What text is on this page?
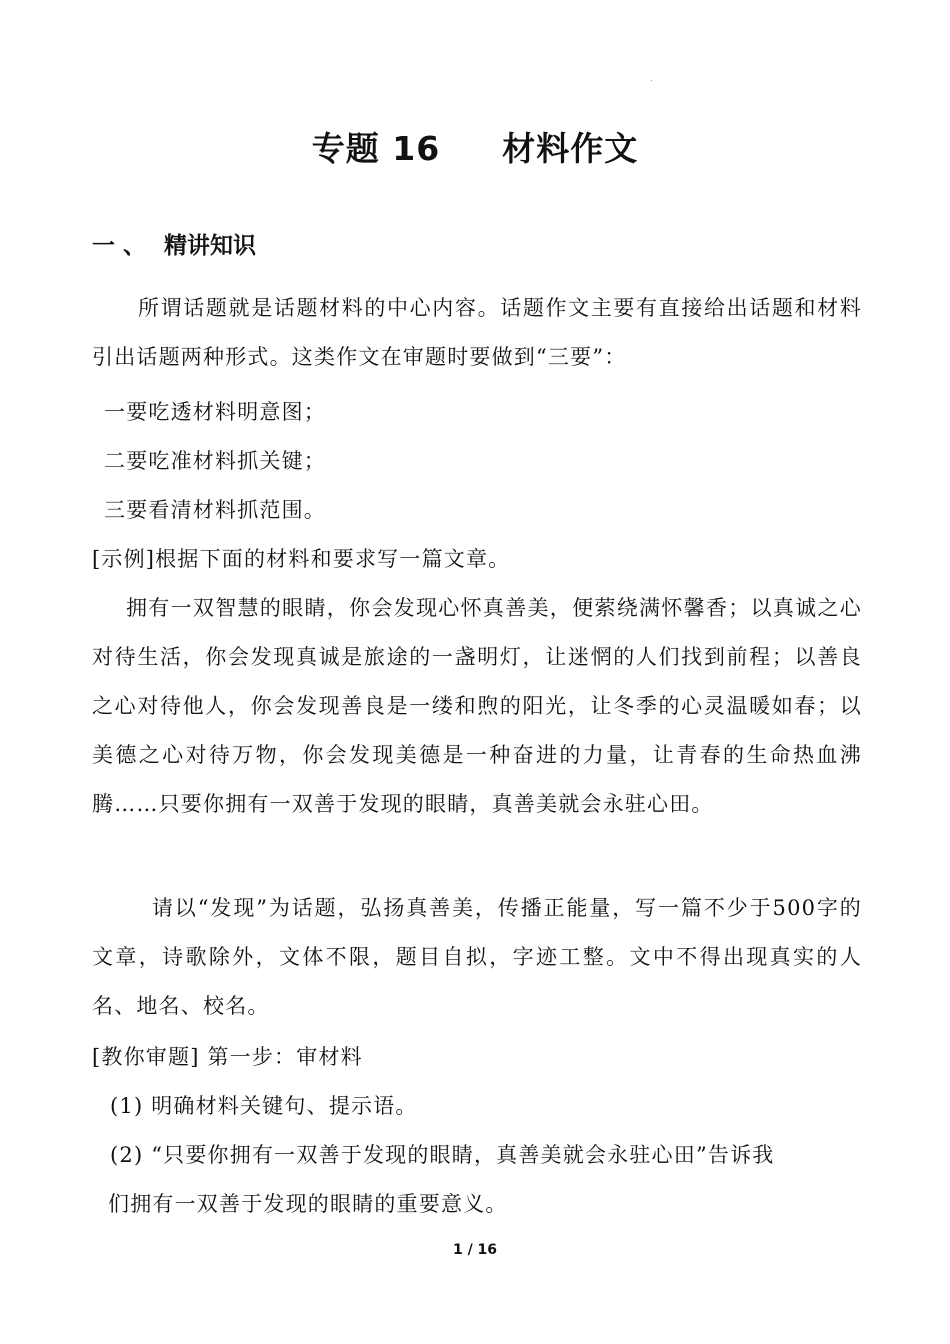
专题 16 材料作文
一 、 精讲知识
所谓话题就是话题材料的中心内容。话题作文主要有直接给出话题和材料引出话题两种形式。这类作文在审题时要做到“三要”：
一要吃透材料明意图；
二要吃准材料抓关键；
三要看清材料抓范围。
[示例]根据下面的材料和要求写一篇文章。
拥有一双智慧的眼睛，你会发现心怀真善美，便萦绕满怀馨香；以真诚之心对待生活，你会发现真诚是旅途的一盏明灯，让迷惘的人们找到前程；以善良之心对待他人，你会发现善良是一缕和煦的阳光，让冬季的心灵温暖如春；以美德之心对待万物，你会发现美德是一种奋进的力量，让青春的生命热血沸腾……只要你拥有一双善于发现的眼睛，真善美就会永驻心田。
请以“发现”为话题，弘扬真善美，传播正能量，写一篇不少于500字的文章，诗歌除外，文体不限，题目自拟，字迹工整。文中不得出现真实的人名、地名、校名。
[教你审题] 第一步：审材料
(1) 明确材料关键句、提示语。
(2) “只要你拥有一双善于发现的眼睛，真善美就会永驻心田”告诉我
们拥有一双善于发现的眼睛的重要意义。
1 / 16
